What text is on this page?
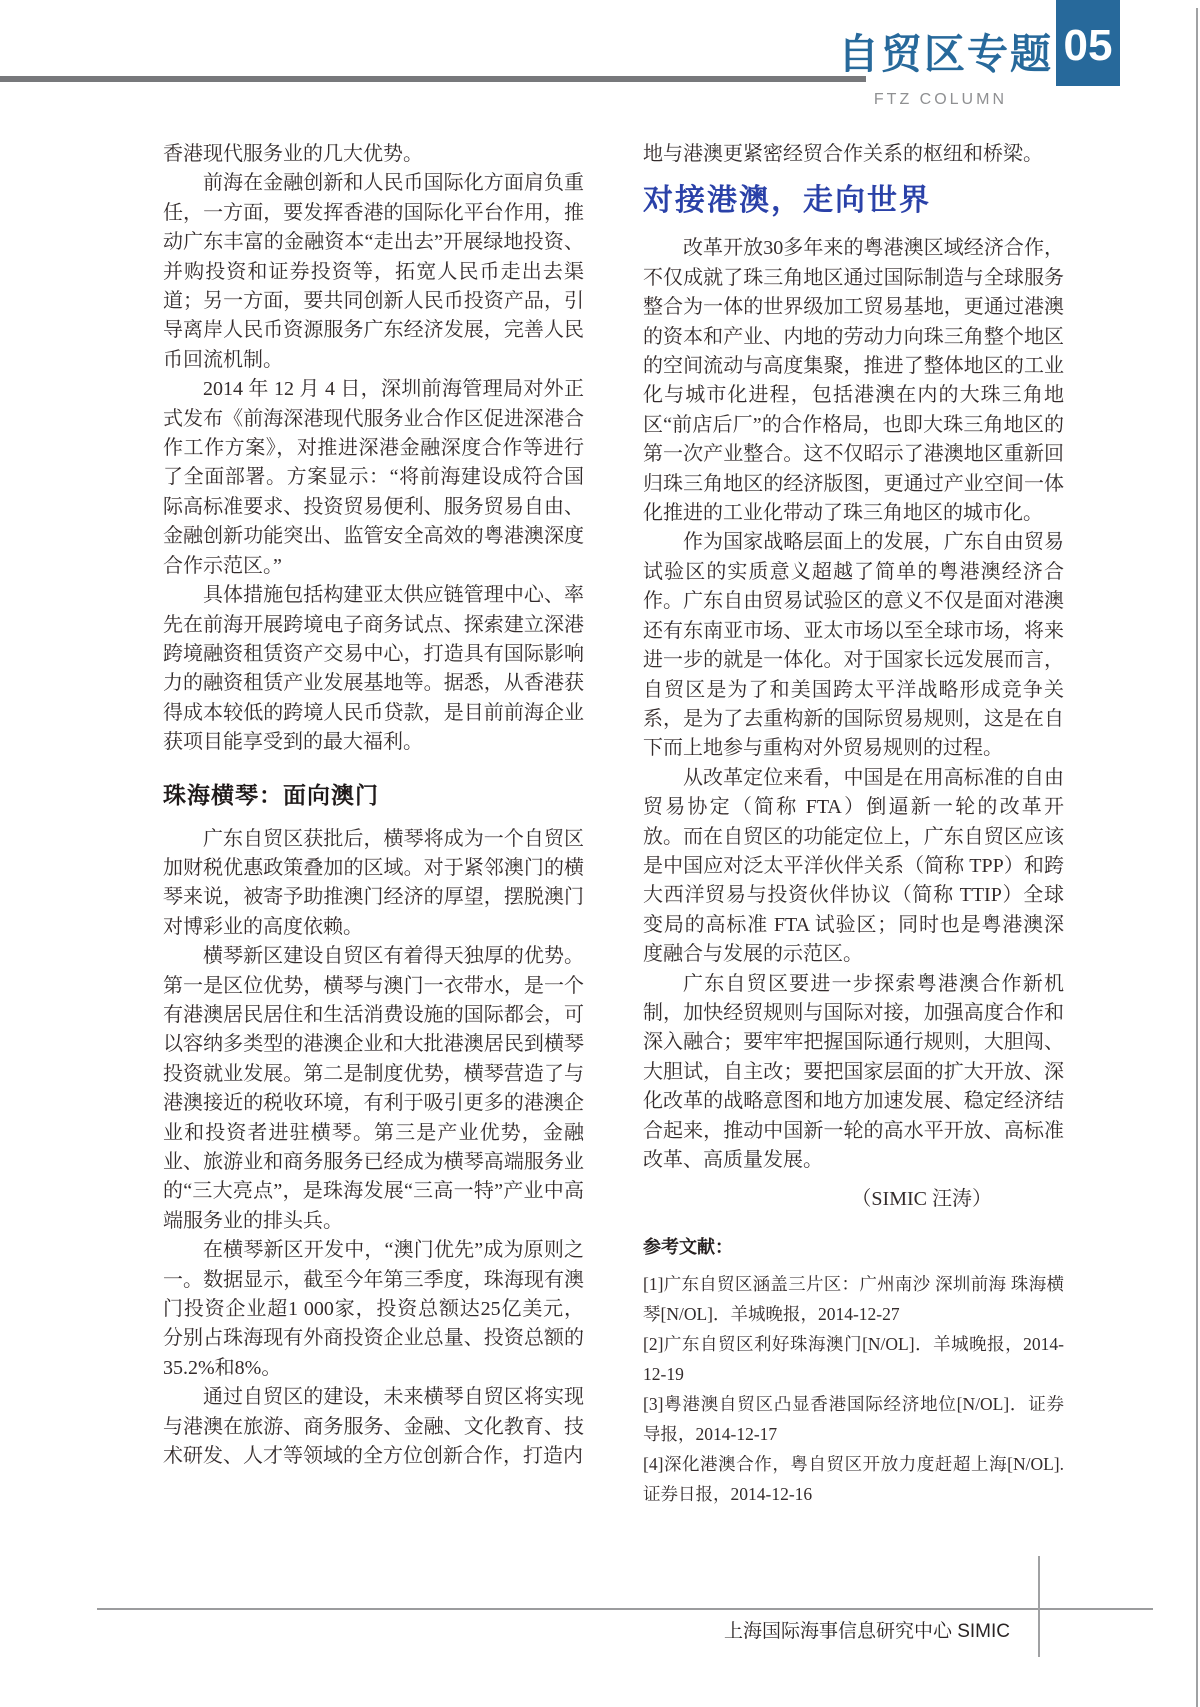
自贸区专题 05
FTZ COLUMN

香港现代服务业的几大优势。

前海在金融创新和人民币国际化方面肩负重任，一方面，要发挥香港的国际化平台作用，推动广东丰富的金融资本“走出去”开展绿地投资、并购投资和证券投资等，拓宽人民币走出去渠道；另一方面，要共同创新人民币投资产品，引导离岸人民币资源服务广东经济发展，完善人民币回流机制。

2014 年 12 月 4 日，深圳前海管理局对外正式发布《前海深港现代服务业合作区促进深港合作工作方案》，对推进深港金融深度合作等进行了全面部署。方案显示：“将前海建设成符合国际高标准要求、投资贸易便利、服务贸易自由、金融创新功能突出、监管安全高效的粤港澳深度合作示范区。”

具体措施包括构建亚太供应链管理中心、率先在前海开展跨境电子商务试点、探索建立深港跨境融资租赁资产交易中心，打造具有国际影响力的融资租赁产业发展基地等。据悉，从香港获得成本较低的跨境人民币贷款，是目前前海企业获项目能享受到的最大福利。

珠海横琴：面向澳门

广东自贸区获批后，横琴将成为一个自贸区加财税优惠政策叠加的区域。对于紧邻澳门的横琴来说，被寄予助推澳门经济的厚望，摆脱澳门对博彩业的高度依赖。

横琴新区建设自贸区有着得天独厚的优势。第一是区位优势，横琴与澳门一衣带水，是一个有港澳居民居住和生活消费设施的国际都会，可以容纳多类型的港澳企业和大批港澳居民到横琴投资就业发展。第二是制度优势，横琴营造了与港澳接近的税收环境，有利于吸引更多的港澳企业和投资者进驻横琴。第三是产业优势，金融业、旅游业和商务服务已经成为横琴高端服务业的“三大亮点”，是珠海发展“三高一特”产业中高端服务业的排头兵。

在横琴新区开发中，“澳门优先”成为原则之一。数据显示，截至今年第三季度，珠海现有澳门投资企业超1 000家，投资总额达25亿美元，分别占珠海现有外商投资企业总量、投资总额的35.2%和8%。

通过自贸区的建设，未来横琴自贸区将实现与港澳在旅游、商务服务、金融、文化教育、技术研发、人才等领域的全方位创新合作，打造内

地与港澳更紧密经贸合作关系的枢纽和桥梁。

对接港澳，走向世界

改革开放30多年来的粤港澳区域经济合作，不仅成就了珠三角地区通过国际制造与全球服务整合为一体的世界级加工贸易基地，更通过港澳的资本和产业、内地的劳动力向珠三角整个地区的空间流动与高度集聚，推进了整体地区的工业化与城市化进程，包括港澳在内的大珠三角地区“前店后厂”的合作格局，也即大珠三角地区的第一次产业整合。这不仅昭示了港澳地区重新回归珠三角地区的经济版图，更通过产业空间一体化推进的工业化带动了珠三角地区的城市化。

作为国家战略层面上的发展，广东自由贸易试验区的实质意义超越了简单的粤港澳经济合作。广东自由贸易试验区的意义不仅是面对港澳还有东南亚市场、亚太市场以至全球市场，将来进一步的就是一体化。对于国家长远发展而言，自贸区是为了和美国跨太平洋战略形成竞争关系，是为了去重构新的国际贸易规则，这是在自下而上地参与重构对外贸易规则的过程。

从改革定位来看，中国是在用高标准的自由贸易协定（简称 FTA）倒逼新一轮的改革开放。而在自贸区的功能定位上，广东自贸区应该是中国应对泛太平洋伙伴关系（简称 TPP）和跨大西洋贸易与投资伙伴协议（简称 TTIP）全球变局的高标准 FTA 试验区；同时也是粤港澳深度融合与发展的示范区。

广东自贸区要进一步探索粤港澳合作新机制，加快经贸规则与国际对接，加强高度合作和深入融合；要牢牢把握国际通行规则，大胆闯、大胆试，自主改；要把国家层面的扩大开放、深化改革的战略意图和地方加速发展、稳定经济结合起来，推动中国新一轮的高水平开放、高标准改革、高质量发展。

（SIMIC 汪涛）

参考文献：

[1]广东自贸区涵盖三片区：广州南沙 深圳前海 珠海横琴[N/OL]．羊城晚报，2014-12-27

[2]广东自贸区利好珠海澳门[N/OL]．羊城晚报，2014-12-19

[3]粤港澳自贸区凸显香港国际经济地位[N/OL]．证券导报，2014-12-17

[4]深化港澳合作，粤自贸区开放力度赶超上海[N/OL]. 证券日报，2014-12-16

上海国际海事信息研究中心 SIMIC
